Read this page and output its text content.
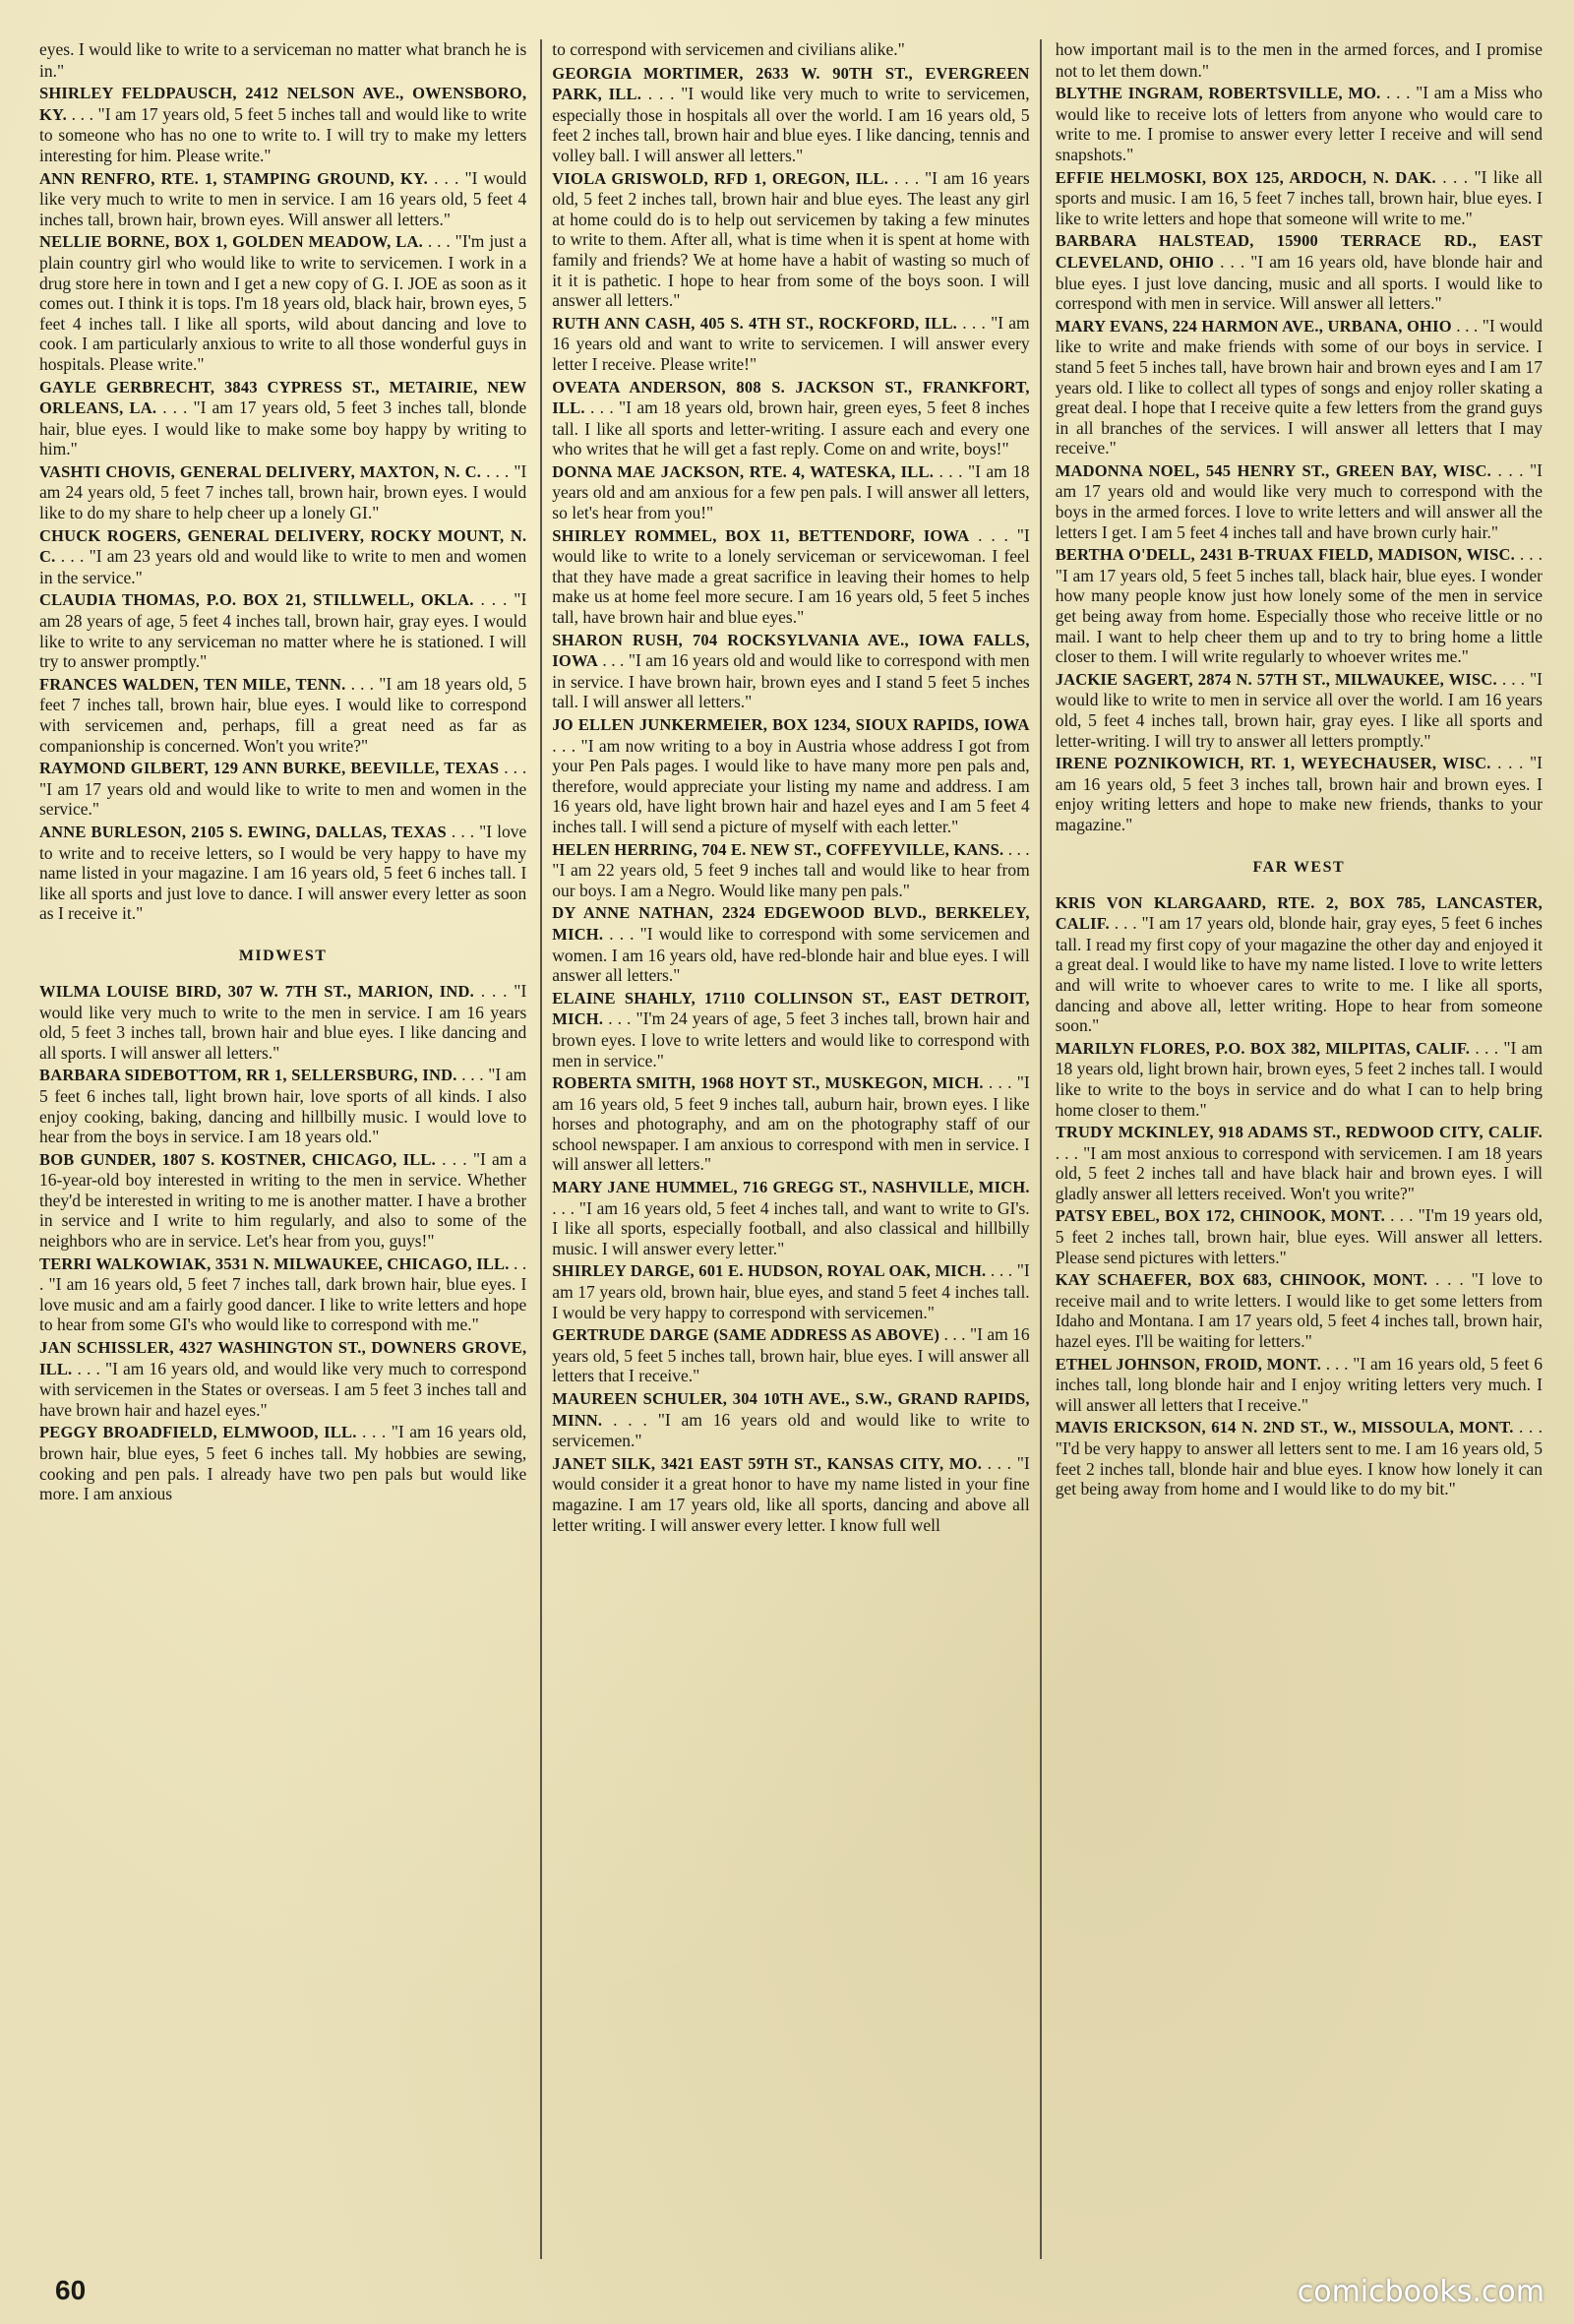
eyes. I would like to write to a serviceman no matter what branch he is in."

SHIRLEY FELDPAUSCH, 2412 NELSON AVE., OWENSBORO, KY. . . . "I am 17 years old, 5 feet 5 inches tall and would like to write to someone who has no one to write to. I will try to make my letters interesting for him. Please write."

ANN RENFRO, RTE. 1, STAMPING GROUND, KY. . . . "I would like very much to write to men in service. I am 16 years old, 5 feet 4 inches tall, brown hair, brown eyes. Will answer all letters."

NELLIE BORNE, BOX 1, GOLDEN MEADOW, LA. . . . "I'm just a plain country girl who would like to write to servicemen. I work in a drug store here in town and I get a new copy of G. I. JOE as soon as it comes out. I think it is tops. I'm 18 years old, black hair, brown eyes, 5 feet 4 inches tall. I like all sports, wild about dancing and love to cook. I am particularly anxious to write to all those wonderful guys in hospitals. Please write."

GAYLE GERBRECHT, 3843 CYPRESS ST., METAIRIE, NEW ORLEANS, LA. . . . "I am 17 years old, 5 feet 3 inches tall, blonde hair, blue eyes. I would like to make some boy happy by writing to him."

VASHTI CHOVIS, GENERAL DELIVERY, MAXTON, N. C. . . . "I am 24 years old, 5 feet 7 inches tall, brown hair, brown eyes. I would like to do my share to help cheer up a lonely GI."

CHUCK ROGERS, GENERAL DELIVERY, ROCKY MOUNT, N. C. . . . "I am 23 years old and would like to write to men and women in the service."

CLAUDIA THOMAS, P.O. BOX 21, STILLWELL, OKLA. . . . "I am 28 years of age, 5 feet 4 inches tall, brown hair, gray eyes. I would like to write to any serviceman no matter where he is stationed. I will try to answer promptly."

FRANCES WALDEN, TEN MILE, TENN. . . . "I am 18 years old, 5 feet 7 inches tall, brown hair, blue eyes. I would like to correspond with servicemen and, perhaps, fill a great need as far as companionship is concerned. Won't you write?"

RAYMOND GILBERT, 129 ANN BURKE, BEEVILLE, TEXAS . . . "I am 17 years old and would like to write to men and women in the service."

ANNE BURLESON, 2105 S. EWING, DALLAS, TEXAS . . . "I love to write and to receive letters, so I would be very happy to have my name listed in your magazine. I am 16 years old, 5 feet 6 inches tall. I like all sports and just love to dance. I will answer every letter as soon as I receive it."

MIDWEST

WILMA LOUISE BIRD, 307 W. 7TH ST., MARION, IND. . . . "I would like very much to write to the men in service. I am 16 years old, 5 feet 3 inches tall, brown hair and blue eyes. I like dancing and all sports. I will answer all letters."

BARBARA SIDEBOTTOM, RR 1, SELLERSBURG, IND. . . . "I am 5 feet 6 inches tall, light brown hair, love sports of all kinds. I also enjoy cooking, baking, dancing and hillbilly music. I would love to hear from the boys in service. I am 18 years old."

BOB GUNDER, 1807 S. KOSTNER, CHICAGO, ILL. . . . "I am a 16-year-old boy interested in writing to the men in service. Whether they'd be interested in writing to me is another matter. I have a brother in service and I write to him regularly, and also to some of the neighbors who are in service. Let's hear from you, guys!"

TERRI WALKOWIAK, 3531 N. MILWAUKEE, CHICAGO, ILL. . . . "I am 16 years old, 5 feet 7 inches tall, dark brown hair, blue eyes. I love music and am a fairly good dancer. I like to write letters and hope to hear from some GI's who would like to correspond with me."

JAN SCHISSLER, 4327 WASHINGTON ST., DOWNERS GROVE, ILL. . . . "I am 16 years old, and would like very much to correspond with servicemen in the States or overseas. I am 5 feet 3 inches tall and have brown hair and hazel eyes."

PEGGY BROADFIELD, ELMWOOD, ILL. . . . "I am 16 years old, brown hair, blue eyes, 5 feet 6 inches tall. My hobbies are sewing, cooking and pen pals. I already have two pen pals but would like more. I am anxious

to correspond with servicemen and civilians alike."

GEORGIA MORTIMER, 2633 W. 90TH ST., EVERGREEN PARK, ILL. . . . "I would like very much to write to servicemen, especially those in hospitals all over the world. I am 16 years old, 5 feet 2 inches tall, brown hair and blue eyes. I like dancing, tennis and volley ball. I will answer all letters."

VIOLA GRISWOLD, RFD 1, OREGON, ILL. . . . "I am 16 years old, 5 feet 2 inches tall, brown hair and blue eyes. The least any girl at home could do is to help out servicemen by taking a few minutes to write to them. After all, what is time when it is spent at home with family and friends? We at home have a habit of wasting so much of it it is pathetic. I hope to hear from some of the boys soon. I will answer all letters."

RUTH ANN CASH, 405 S. 4TH ST., ROCKFORD, ILL. . . . "I am 16 years old and want to write to servicemen. I will answer every letter I receive. Please write!"

OVEATA ANDERSON, 808 S. JACKSON ST., FRANKFORT, ILL. . . . "I am 18 years old, brown hair, green eyes, 5 feet 8 inches tall. I like all sports and letter-writing. I assure each and every one who writes that he will get a fast reply. Come on and write, boys!"

DONNA MAE JACKSON, RTE. 4, WATESKA, ILL. . . . "I am 18 years old and am anxious for a few pen pals. I will answer all letters, so let's hear from you!"

SHIRLEY ROMMEL, BOX 11, BETTENDORF, IOWA . . . "I would like to write to a lonely serviceman or servicewoman. I feel that they have made a great sacrifice in leaving their homes to help make us at home feel more secure. I am 16 years old, 5 feet 5 inches tall, have brown hair and blue eyes."

SHARON RUSH, 704 ROCKSYLVANIA AVE., IOWA FALLS, IOWA . . . "I am 16 years old and would like to correspond with men in service. I have brown hair, brown eyes and I stand 5 feet 5 inches tall. I will answer all letters."

JO ELLEN JUNKERMEIER, BOX 1234, SIOUX RAPIDS, IOWA . . . "I am now writing to a boy in Austria whose address I got from your Pen Pals pages. I would like to have many more pen pals and, therefore, would appreciate your listing my name and address. I am 16 years old, have light brown hair and hazel eyes and I am 5 feet 4 inches tall. I will send a picture of myself with each letter."

HELEN HERRING, 704 E. NEW ST., COFFEYVILLE, KANS. . . . "I am 22 years old, 5 feet 9 inches tall and would like to hear from our boys. I am a Negro. Would like many pen pals."

DY ANNE NATHAN, 2324 EDGEWOOD BLVD., BERKELEY, MICH. . . . "I would like to correspond with some servicemen and women. I am 16 years old, have red-blonde hair and blue eyes. I will answer all letters."

ELAINE SHAHLY, 17110 COLLINSON ST., EAST DETROIT, MICH. . . . "I'm 24 years of age, 5 feet 3 inches tall, brown hair and brown eyes. I love to write letters and would like to correspond with men in service."

ROBERTA SMITH, 1968 HOYT ST., MUSKEGON, MICH. . . . "I am 16 years old, 5 feet 9 inches tall, auburn hair, brown eyes. I like horses and photography, and am on the photography staff of our school newspaper. I am anxious to correspond with men in service. I will answer all letters."

MARY JANE HUMMEL, 716 GREGG ST., NASHVILLE, MICH. . . . "I am 16 years old, 5 feet 4 inches tall, and want to write to GI's. I like all sports, especially football, and also classical and hillbilly music. I will answer every letter."

SHIRLEY DARGE, 601 E. HUDSON, ROYAL OAK, MICH. . . . "I am 17 years old, brown hair, blue eyes, and stand 5 feet 4 inches tall. I would be very happy to correspond with servicemen."

GERTRUDE DARGE (SAME ADDRESS AS ABOVE) . . . "I am 16 years old, 5 feet 5 inches tall, brown hair, blue eyes. I will answer all letters that I receive."

MAUREEN SCHULER, 304 10TH AVE., S.W., GRAND RAPIDS, MINN. . . . "I am 16 years old and would like to write to servicemen."

JANET SILK, 3421 EAST 59TH ST., KANSAS CITY, MO. . . . "I would consider it a great honor to have my name listed in your fine magazine. I am 17 years old, like all sports, dancing and above all letter writing. I will answer every letter. I know full well

how important mail is to the men in the armed forces, and I promise not to let them down."

BLYTHE INGRAM, ROBERTSVILLE, MO. . . . "I am a Miss who would like to receive lots of letters from anyone who would care to write to me. I promise to answer every letter I receive and will send snapshots."

EFFIE HELMOSKI, BOX 125, ARDOCH, N. DAK. . . . "I like all sports and music. I am 16, 5 feet 7 inches tall, brown hair, blue eyes. I like to write letters and hope that someone will write to me."

BARBARA HALSTEAD, 15900 TERRACE RD., EAST CLEVELAND, OHIO . . . "I am 16 years old, have blonde hair and blue eyes. I just love dancing, music and all sports. I would like to correspond with men in service. Will answer all letters."

MARY EVANS, 224 HARMON AVE., URBANA, OHIO . . . "I would like to write and make friends with some of our boys in service. I stand 5 feet 5 inches tall, have brown hair and brown eyes and I am 17 years old. I like to collect all types of songs and enjoy roller skating a great deal. I hope that I receive quite a few letters from the grand guys in all branches of the services. I will answer all letters that I may receive."

MADONNA NOEL, 545 HENRY ST., GREEN BAY, WISC. . . . "I am 17 years old and would like very much to correspond with the boys in the armed forces. I love to write letters and will answer all the letters I get. I am 5 feet 4 inches tall and have brown curly hair."

BERTHA O'DELL, 2431 B-TRUAX FIELD, MADISON, WISC. . . . "I am 17 years old, 5 feet 5 inches tall, black hair, blue eyes. I wonder how many people know just how lonely some of the men in service get being away from home. Especially those who receive little or no mail. I want to help cheer them up and to try to bring home a little closer to them. I will write regularly to whoever writes me."

JACKIE SAGERT, 2874 N. 57TH ST., MILWAUKEE, WISC. . . . "I would like to write to men in service all over the world. I am 16 years old, 5 feet 4 inches tall, brown hair, gray eyes. I like all sports and letter-writing. I will try to answer all letters promptly."

IRENE POZNIKOWICH, RT. 1, WEYECHAUSER, WISC. . . . "I am 16 years old, 5 feet 3 inches tall, brown hair and brown eyes. I enjoy writing letters and hope to make new friends, thanks to your magazine."

FAR WEST

KRIS VON KLARGAARD, RTE. 2, BOX 785, LANCASTER, CALIF. . . . "I am 17 years old, blonde hair, gray eyes, 5 feet 6 inches tall. I read my first copy of your magazine the other day and enjoyed it a great deal. I would like to have my name listed. I love to write letters and will write to whoever cares to write to me. I like all sports, dancing and above all, letter writing. Hope to hear from someone soon."

MARILYN FLORES, P.O. BOX 382, MILPITAS, CALIF. . . . "I am 18 years old, light brown hair, brown eyes, 5 feet 2 inches tall. I would like to write to the boys in service and do what I can to help bring home closer to them."

TRUDY MCKINLEY, 918 ADAMS ST., REDWOOD CITY, CALIF. . . . "I am most anxious to correspond with servicemen. I am 18 years old, 5 feet 2 inches tall and have black hair and brown eyes. I will gladly answer all letters received. Won't you write?"

PATSY EBEL, BOX 172, CHINOOK, MONT. . . . "I'm 19 years old, 5 feet 2 inches tall, brown hair, blue eyes. Will answer all letters. Please send pictures with letters."

KAY SCHAEFER, BOX 683, CHINOOK, MONT. . . . "I love to receive mail and to write letters. I would like to get some letters from Idaho and Montana. I am 17 years old, 5 feet 4 inches tall, brown hair, hazel eyes. I'll be waiting for letters."

ETHEL JOHNSON, FROID, MONT. . . . "I am 16 years old, 5 feet 6 inches tall, long blonde hair and I enjoy writing letters very much. I will answer all letters that I receive."

MAVIS ERICKSON, 614 N. 2ND ST., W., MISSOULA, MONT. . . . "I'd be very happy to answer all letters sent to me. I am 16 years old, 5 feet 2 inches tall, blonde hair and blue eyes. I know how lonely it can get being away from home and I would like to do my bit."

60	comicbooks.com
